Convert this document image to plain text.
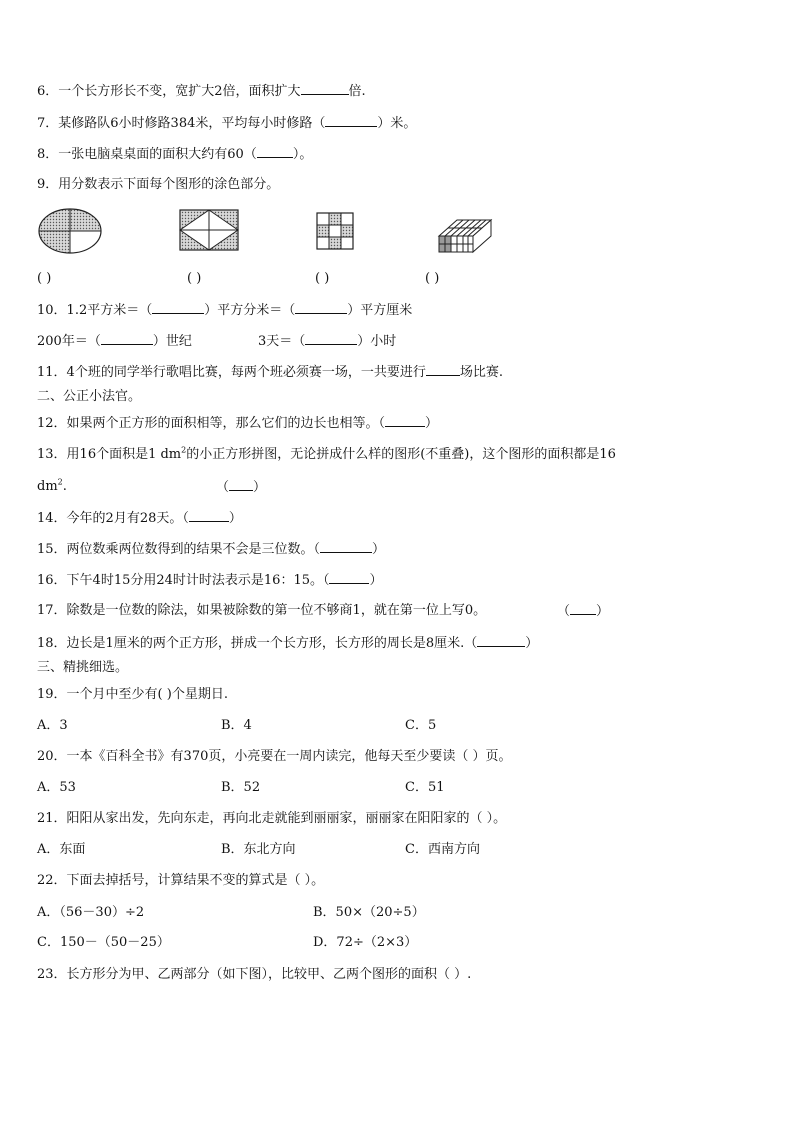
6．一个长方形长不变，宽扩大2倍，面积扩大	倍.
7．某修路队6小时修路384米，平均每小时修路（	）米。
8．一张电脑桌桌面的面积大约有60（	）。
9．用分数表示下面每个图形的涂色部分。
( )	( )	( )	( )
10．1.2平方米＝（	）平方分米＝（	）平方厘米
200年＝（	）世纪	3天＝（	）小时
11．4个班的同学举行歌唱比赛，每两个班必须赛一场，一共要进行	场比赛.
二、公正小法官。
12．如果两个正方形的面积相等，那么它们的边长也相等。（	）
13．用16个面积是1 $dm^2$的小正方形拼图，无论拼成什么样的图形(不重叠)，这个图形的面积都是16
$dm^2$.	（ ）
14．今年的2月有28天。（	）
15．两位数乘两位数得到的结果不会是三位数。（	）
16．下午4时15分用24时计时法表示是16：15。（	）
17．除数是一位数的除法，如果被除数的第一位不够商1，就在第一位上写0。	（ ）
18．边长是1厘米的两个正方形，拼成一个长方形，长方形的周长是8厘米.（	）
三、精挑细选。
19．一个月中至少有( )个星期日.
A．3	B．4	C．5
20．一本《百科全书》有370页，小亮要在一周内读完，他每天至少要读（ ）页。
A．53	B．52	C．51
21．阳阳从家出发，先向东走，再向北走就能到丽丽家，丽丽家在阳阳家的（ ）。
A．东面	B．东北方向	C．西南方向
22．下面去掉括号，计算结果不变的算式是（ ）。
A．（56－30）÷2	B．50×（20÷5）
C．150－（50－25）	D．72÷（2×3）
23．长方形分为甲、乙两部分（如下图），比较甲、乙两个图形的面积（ ）.
